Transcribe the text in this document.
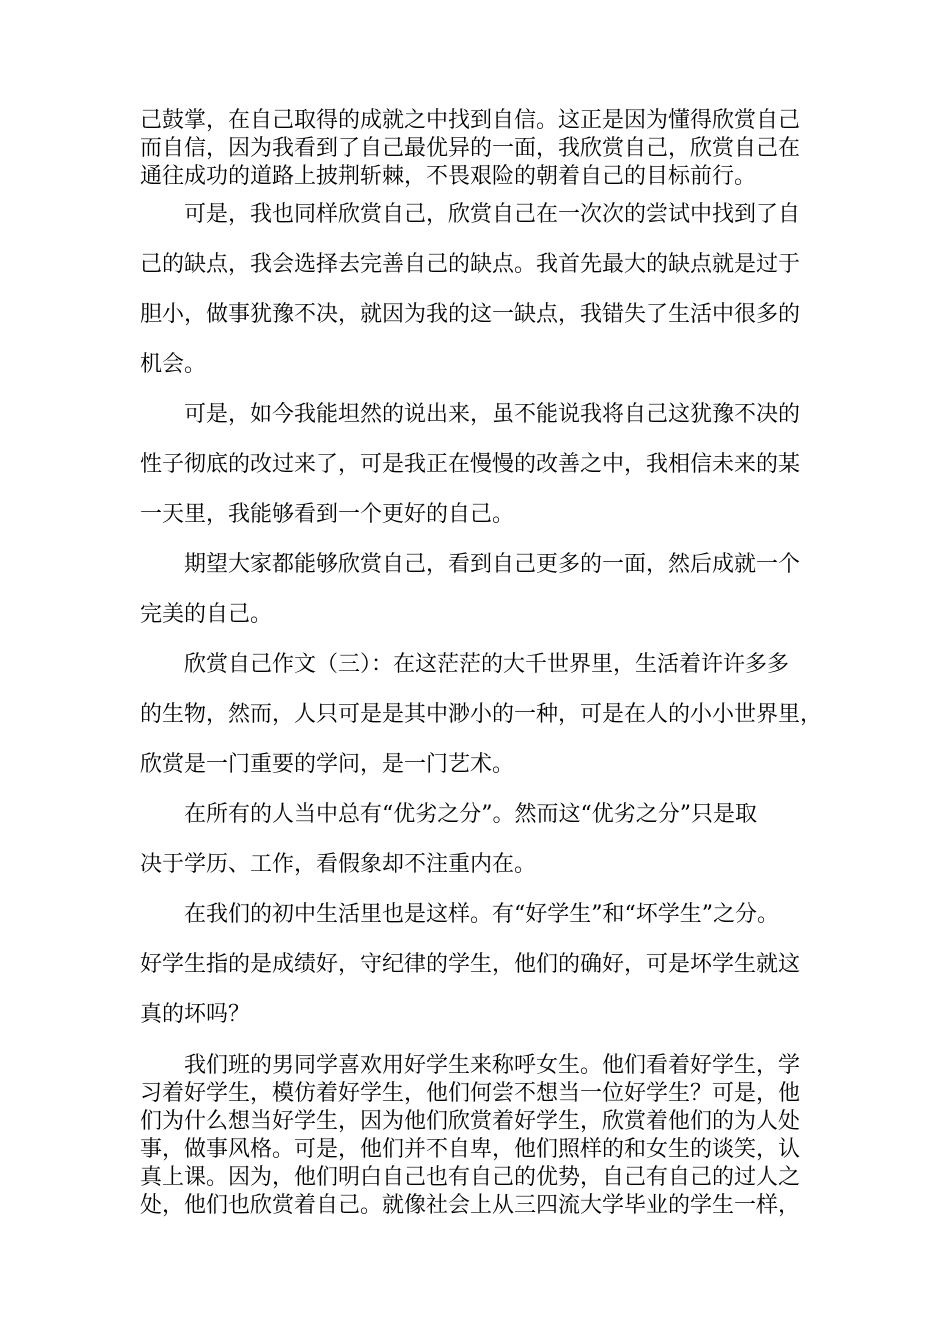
己鼓掌，在自己取得的成就之中找到自信。这正是因为懂得欣赏自己
而自信，因为我看到了自己最优异的一面，我欣赏自己，欣赏自己在
通往成功的道路上披荆斩棘，不畏艰险的朝着自己的目标前行。

　　可是，我也同样欣赏自己，欣赏自己在一次次的尝试中找到了自
己的缺点，我会选择去完善自己的缺点。我首先最大的缺点就是过于
胆小，做事犹豫不决，就因为我的这一缺点，我错失了生活中很多的
机会。

　　可是，如今我能坦然的说出来，虽不能说我将自己这犹豫不决的
性子彻底的改过来了，可是我正在慢慢的改善之中，我相信未来的某
一天里，我能够看到一个更好的自己。

　　期望大家都能够欣赏自己，看到自己更多的一面，然后成就一个
完美的自己。

　　欣赏自己作文（三）：在这茫茫的大千世界里，生活着许许多多
的生物，然而，人只可是是其中渺小的一种，可是在人的小小世界里，
欣赏是一门重要的学问，是一门艺术。

　　在所有的人当中总有“优劣之分”。然而这“优劣之分”只是取
决于学历、工作，看假象却不注重内在。

　　在我们的初中生活里也是这样。有“好学生”和“坏学生”之分。
好学生指的是成绩好，守纪律的学生，他们的确好，可是坏学生就这
真的坏吗？

　　我们班的男同学喜欢用好学生来称呼女生。他们看着好学生，学
习着好学生，模仿着好学生，他们何尝不想当一位好学生？可是，他
们为什么想当好学生，因为他们欣赏着好学生，欣赏着他们的为人处
事，做事风格。可是，他们并不自卑，他们照样的和女生的谈笑，认
真上课。因为，他们明白自己也有自己的优势，自己有自己的过人之
处，他们也欣赏着自己。就像社会上从三四流大学毕业的学生一样，
